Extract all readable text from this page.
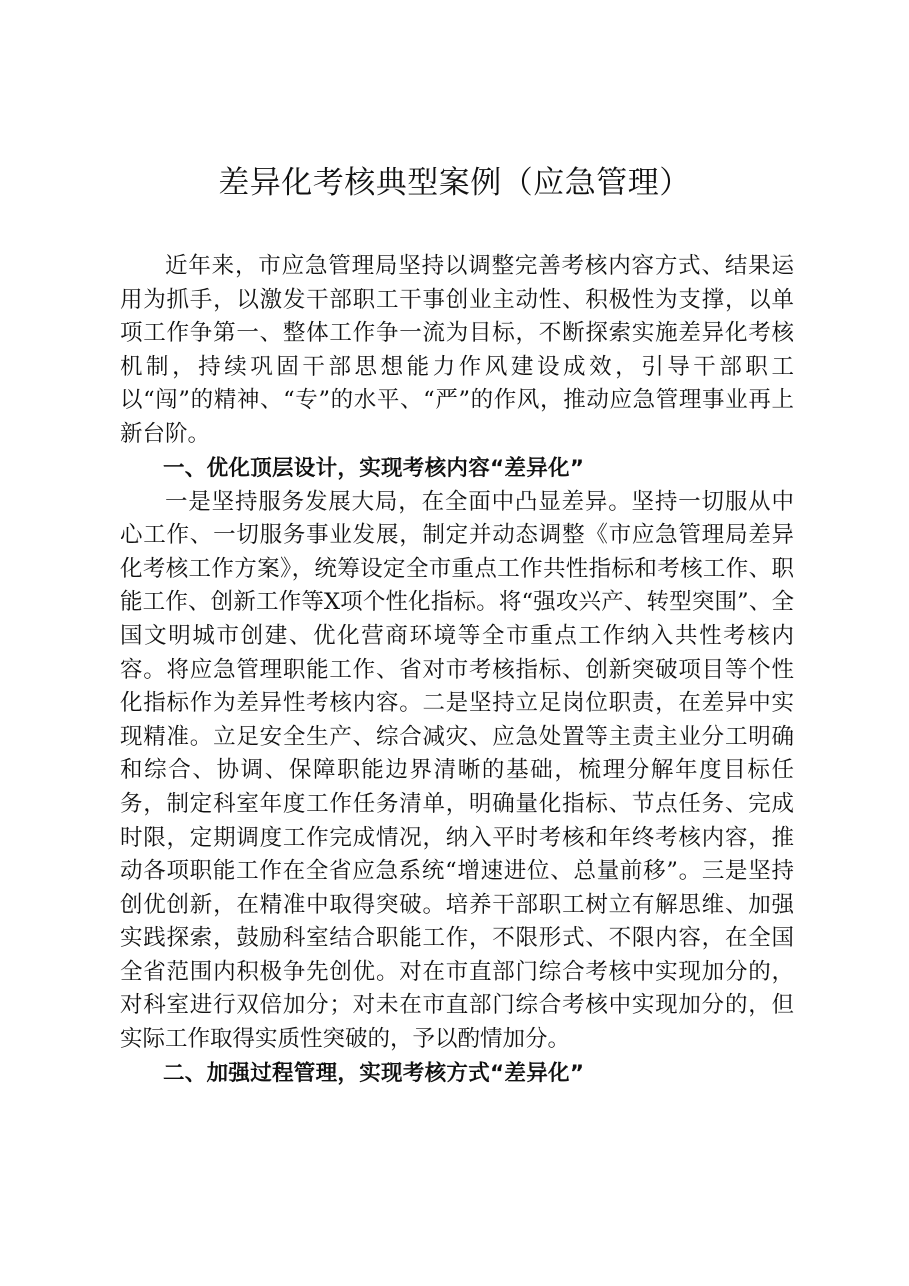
差异化考核典型案例（应急管理）

近年来，市应急管理局坚持以调整完善考核内容方式、结果运用为抓手，以激发干部职工干事创业主动性、积极性为支撑，以单项工作争第一、整体工作争一流为目标，不断探索实施差异化考核机制，持续巩固干部思想能力作风建设成效，引导干部职工以“闯”的精神、“专”的水平、“严”的作风，推动应急管理事业再上新台阶。

一、优化顶层设计，实现考核内容“差异化”

一是坚持服务发展大局，在全面中凸显差异。坚持一切服从中心工作、一切服务事业发展，制定并动态调整《市应急管理局差异化考核工作方案》，统筹设定全市重点工作共性指标和考核工作、职能工作、创新工作等X项个性化指标。将“强攻兴产、转型突围”、全国文明城市创建、优化营商环境等全市重点工作纳入共性考核内容。将应急管理职能工作、省对市考核指标、创新突破项目等个性化指标作为差异性考核内容。二是坚持立足岗位职责，在差异中实现精准。立足安全生产、综合减灾、应急处置等主责主业分工明确和综合、协调、保障职能边界清晰的基础，梳理分解年度目标任务，制定科室年度工作任务清单，明确量化指标、节点任务、完成时限，定期调度工作完成情况，纳入平时考核和年终考核内容，推动各项职能工作在全省应急系统“增速进位、总量前移”。三是坚持创优创新，在精准中取得突破。培养干部职工树立有解思维、加强实践探索，鼓励科室结合职能工作，不限形式、不限内容，在全国全省范围内积极争先创优。对在市直部门综合考核中实现加分的，对科室进行双倍加分；对未在市直部门综合考核中实现加分的，但实际工作取得实质性突破的，予以酌情加分。

二、加强过程管理，实现考核方式“差异化”
